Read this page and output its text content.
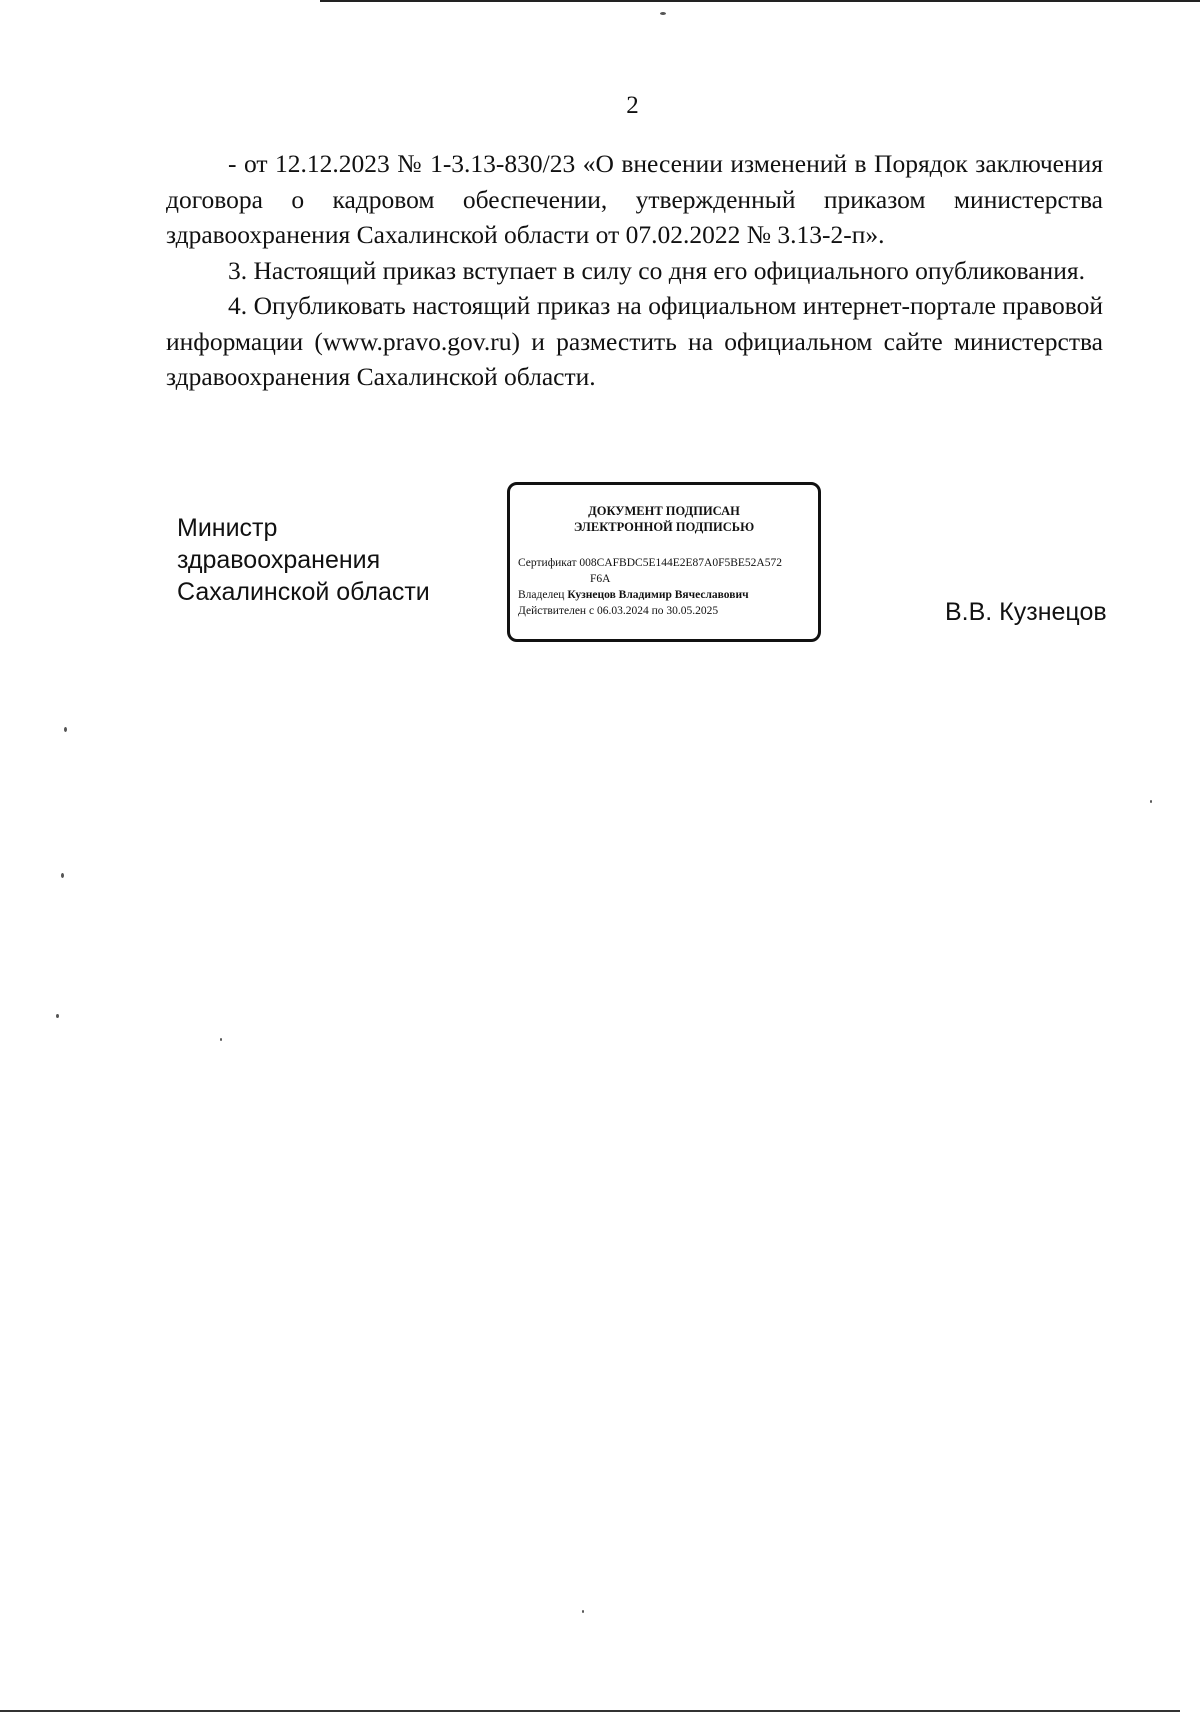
2

- от 12.12.2023 № 1-3.13-830/23 «О внесении изменений в Порядок заключения договора о кадровом обеспечении, утвержденный приказом министерства здравоохранения Сахалинской области от 07.02.2022 № 3.13-2-п».

3. Настоящий приказ вступает в силу со дня его официального опубликования.

4. Опубликовать настоящий приказ на официальном интернет-портале правовой информации (www.pravo.gov.ru) и разместить на официальном сайте министерства здравоохранения Сахалинской области.

Министр
здравоохранения
Сахалинской области
ДОКУМЕНТ ПОДПИСАН
ЭЛЕКТРОННОЙ ПОДПИСЬЮ
Сертификат 008CAFBDC5E144E2E87A0F5BE52A572
F6A
Владелец Кузнецов Владимир Вячеславович
Действителен с 06.03.2024 по 30.05.2025	В.В. Кузнецов
